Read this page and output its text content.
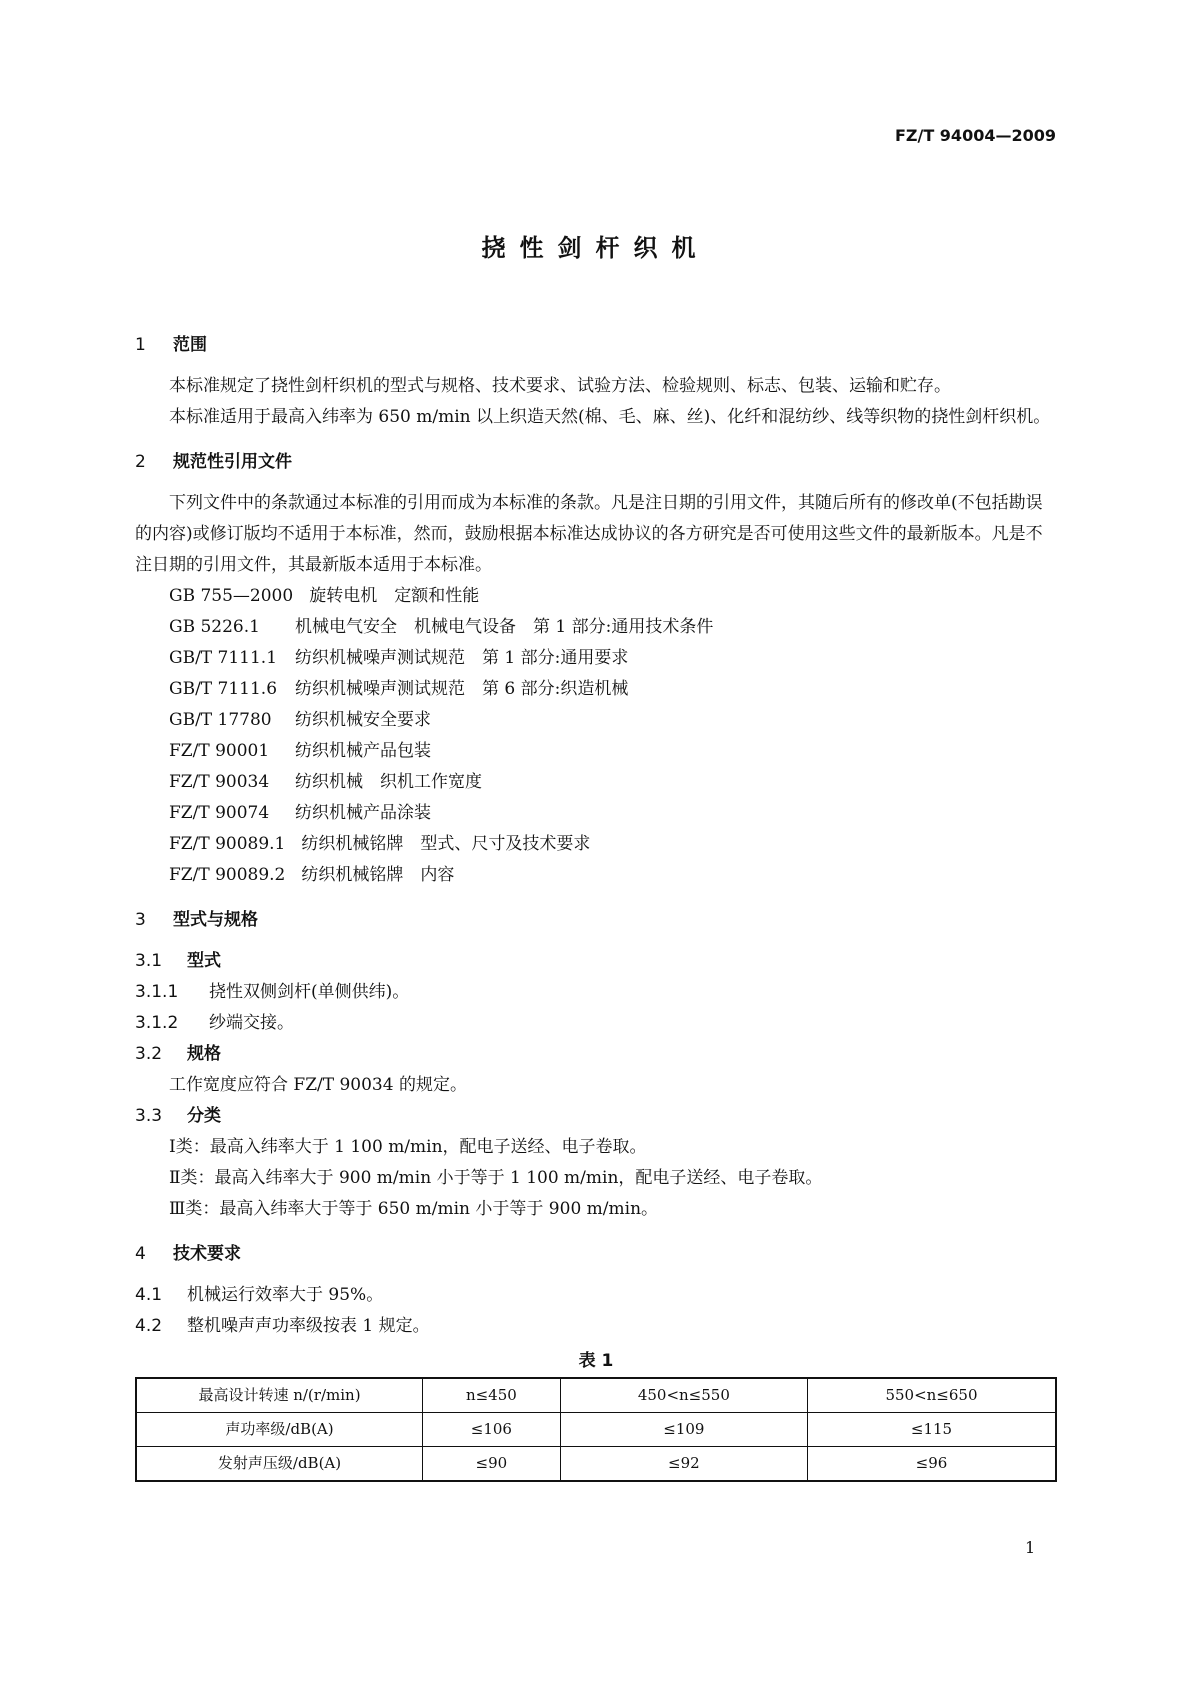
FZ/T 94004—2009
挠性剑杆织机
1 范围

本标准规定了挠性剑杆织机的型式与规格、技术要求、试验方法、检验规则、标志、包装、运输和贮存。

本标准适用于最高入纬率为 650 m/min 以上织造天然(棉、毛、麻、丝)、化纤和混纺纱、线等织物的挠性剑杆织机。

2 规范性引用文件

下列文件中的条款通过本标准的引用而成为本标准的条款。凡是注日期的引用文件，其随后所有的修改单(不包括勘误的内容)或修订版均不适用于本标准，然而，鼓励根据本标准达成协议的各方研究是否可使用这些文件的最新版本。凡是不注日期的引用文件，其最新版本适用于本标准。

GB 755—2000 旋转电机　定额和性能
GB 5226.1 机械电气安全　机械电气设备　第 1 部分:通用技术条件
GB/T 7111.1 纺织机械噪声测试规范　第 1 部分:通用要求
GB/T 7111.6 纺织机械噪声测试规范　第 6 部分:织造机械
GB/T 17780 纺织机械安全要求
FZ/T 90001 纺织机械产品包装
FZ/T 90034 纺织机械　织机工作宽度
FZ/T 90074 纺织机械产品涂装
FZ/T 90089.1 纺织机械铭牌　型式、尺寸及技术要求
FZ/T 90089.2 纺织机械铭牌　内容
3 型式与规格
3.1 型式
3.1.1 挠性双侧剑杆(单侧供纬)。
3.1.2 纱端交接。
3.2 规格

工作宽度应符合 FZ/T 90034 的规定。

3.3 分类

Ⅰ类：最高入纬率大于 1 100 m/min，配电子送经、电子卷取。

Ⅱ类：最高入纬率大于 900 m/min 小于等于 1 100 m/min，配电子送经、电子卷取。

Ⅲ类：最高入纬率大于等于 650 m/min 小于等于 900 m/min。

4 技术要求
4.1 机械运行效率大于 95%。
4.2 整机噪声声功率级按表 1 规定。
表 1
最高设计转速 n/(r/min)	n≤450	450<n≤550	550<n≤650
声功率级/dB(A)	≤106	≤109	≤115
发射声压级/dB(A)	≤90	≤92	≤96
1
